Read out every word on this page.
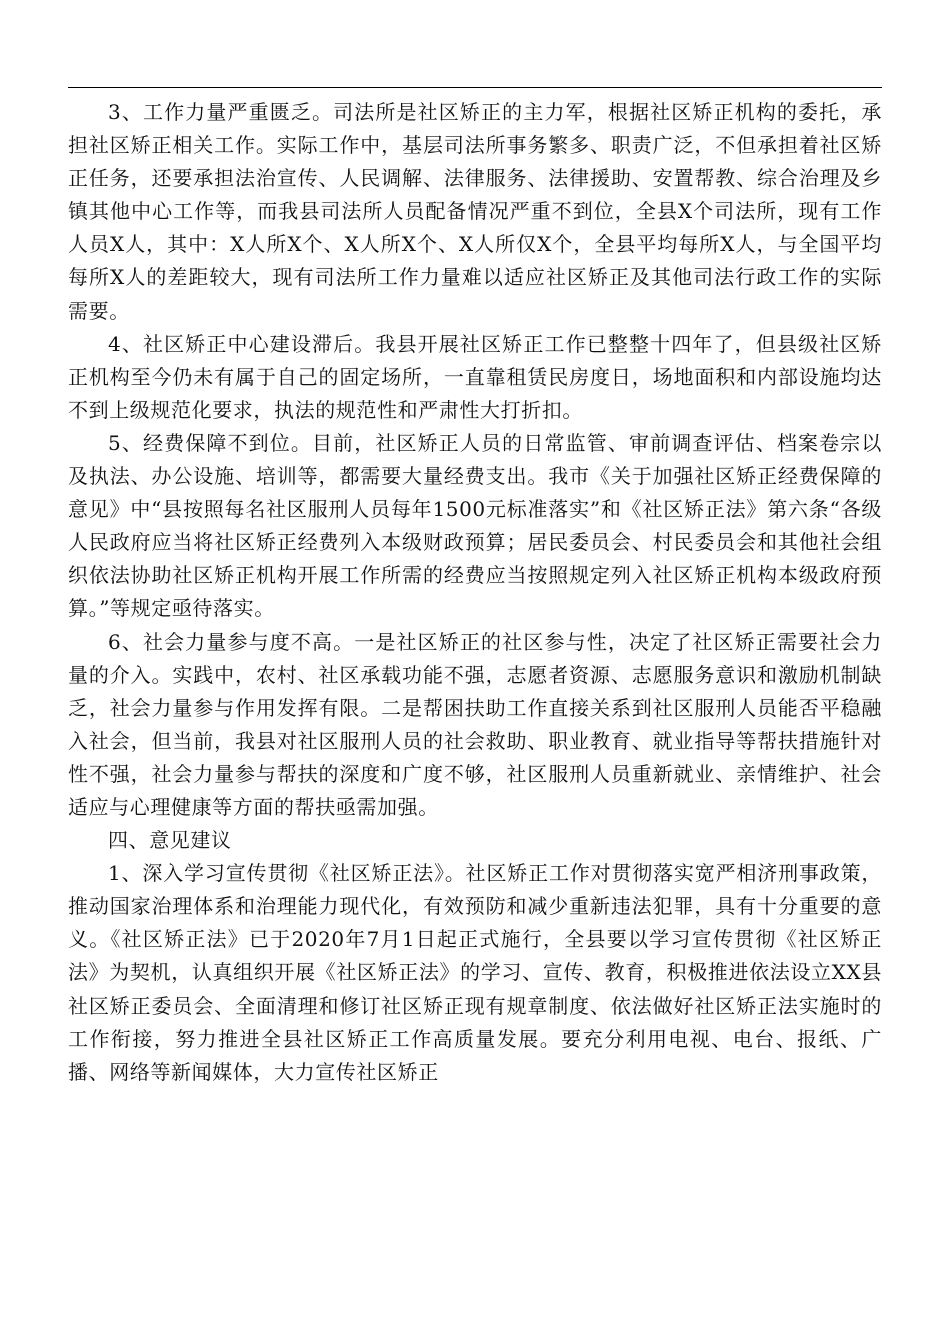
3、工作力量严重匮乏。司法所是社区矫正的主力军，根据社区矫正机构的委托，承担社区矫正相关工作。实际工作中，基层司法所事务繁多、职责广泛，不但承担着社区矫正任务，还要承担法治宣传、人民调解、法律服务、法律援助、安置帮教、综合治理及乡镇其他中心工作等，而我县司法所人员配备情况严重不到位，全县X个司法所，现有工作人员X人，其中：X人所X个、X人所X个、X人所仅X个，全县平均每所X人，与全国平均每所X人的差距较大，现有司法所工作力量难以适应社区矫正及其他司法行政工作的实际需要。

4、社区矫正中心建设滞后。我县开展社区矫正工作已整整十四年了，但县级社区矫正机构至今仍未有属于自己的固定场所，一直靠租赁民房度日，场地面积和内部设施均达不到上级规范化要求，执法的规范性和严肃性大打折扣。

5、经费保障不到位。目前，社区矫正人员的日常监管、审前调查评估、档案卷宗以及执法、办公设施、培训等，都需要大量经费支出。我市《关于加强社区矫正经费保障的意见》中“县按照每名社区服刑人员每年1500元标准落实”和《社区矫正法》第六条“各级人民政府应当将社区矫正经费列入本级财政预算；居民委员会、村民委员会和其他社会组织依法协助社区矫正机构开展工作所需的经费应当按照规定列入社区矫正机构本级政府预算。”等规定亟待落实。

6、社会力量参与度不高。一是社区矫正的社区参与性，决定了社区矫正需要社会力量的介入。实践中，农村、社区承载功能不强，志愿者资源、志愿服务意识和激励机制缺乏，社会力量参与作用发挥有限。二是帮困扶助工作直接关系到社区服刑人员能否平稳融入社会，但当前，我县对社区服刑人员的社会救助、职业教育、就业指导等帮扶措施针对性不强，社会力量参与帮扶的深度和广度不够，社区服刑人员重新就业、亲情维护、社会适应与心理健康等方面的帮扶亟需加强。

四、意见建议

1、深入学习宣传贯彻《社区矫正法》。社区矫正工作对贯彻落实宽严相济刑事政策，推动国家治理体系和治理能力现代化，有效预防和减少重新违法犯罪，具有十分重要的意义。《社区矫正法》已于2020年7月1日起正式施行，全县要以学习宣传贯彻《社区矫正法》为契机，认真组织开展《社区矫正法》的学习、宣传、教育，积极推进依法设立XX县社区矫正委员会、全面清理和修订社区矫正现有规章制度、依法做好社区矫正法实施时的工作衔接，努力推进全县社区矫正工作高质量发展。要充分利用电视、电台、报纸、广播、网络等新闻媒体，大力宣传社区矫正
